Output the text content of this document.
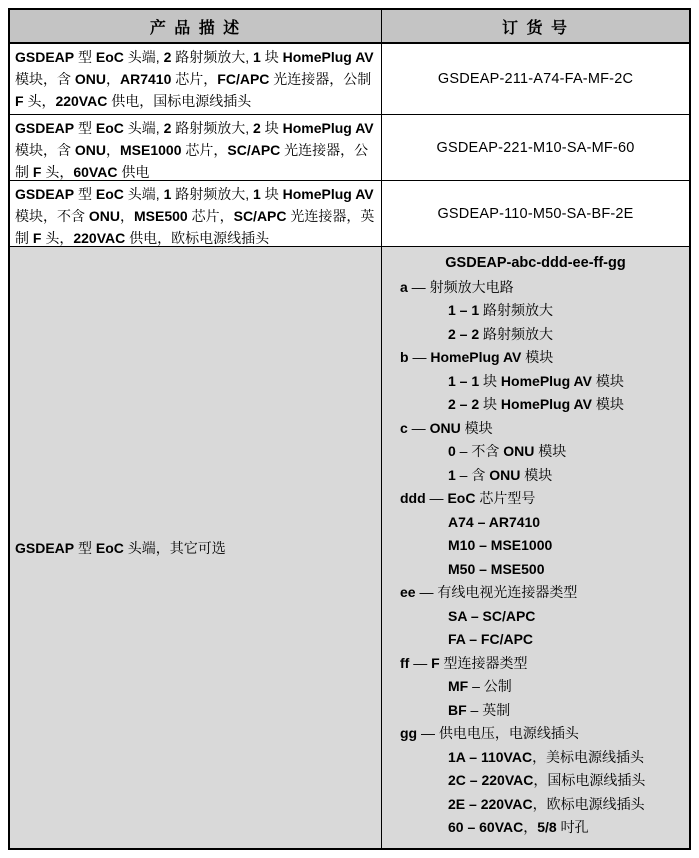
产 品 描 述	订 货 号
GSDEAP 型 EoC 头端, 2 路射频放大, 1 块 HomePlug AV 模块，含 ONU，AR7410 芯片，FC/APC 光连接器，公制 F 头，220VAC 供电，国标电源线插头
GSDEAP-211-A74-FA-MF-2C
GSDEAP 型 EoC 头端, 2 路射频放大, 2 块 HomePlug AV 模块，含 ONU，MSE1000 芯片，SC/APC 光连接器，公制 F 头，60VAC 供电
GSDEAP-221-M10-SA-MF-60
GSDEAP 型 EoC 头端, 1 路射频放大, 1 块 HomePlug AV 模块，不含 ONU，MSE500 芯片，SC/APC 光连接器，英制 F 头，220VAC 供电，欧标电源线插头
GSDEAP-110-M50-SA-BF-2E
GSDEAP 型 EoC 头端，其它可选
GSDEAP-abc-ddd-ee-ff-gg
a — 射频放大电路
1 – 1 路射频放大
2 – 2 路射频放大
b — HomePlug AV 模块
1 – 1 块 HomePlug AV 模块
2 – 2 块 HomePlug AV 模块
c — ONU 模块
0 – 不含 ONU 模块
1 – 含 ONU 模块
ddd — EoC 芯片型号
A74 – AR7410
M10 – MSE1000
M50 – MSE500
ee — 有线电视光连接器类型
SA – SC/APC
FA – FC/APC
ff — F 型连接器类型
MF – 公制
BF – 英制
gg — 供电电压，电源线插头
1A – 110VAC，美标电源线插头
2C – 220VAC，国标电源线插头
2E – 220VAC，欧标电源线插头
60 – 60VAC，5/8 吋孔
